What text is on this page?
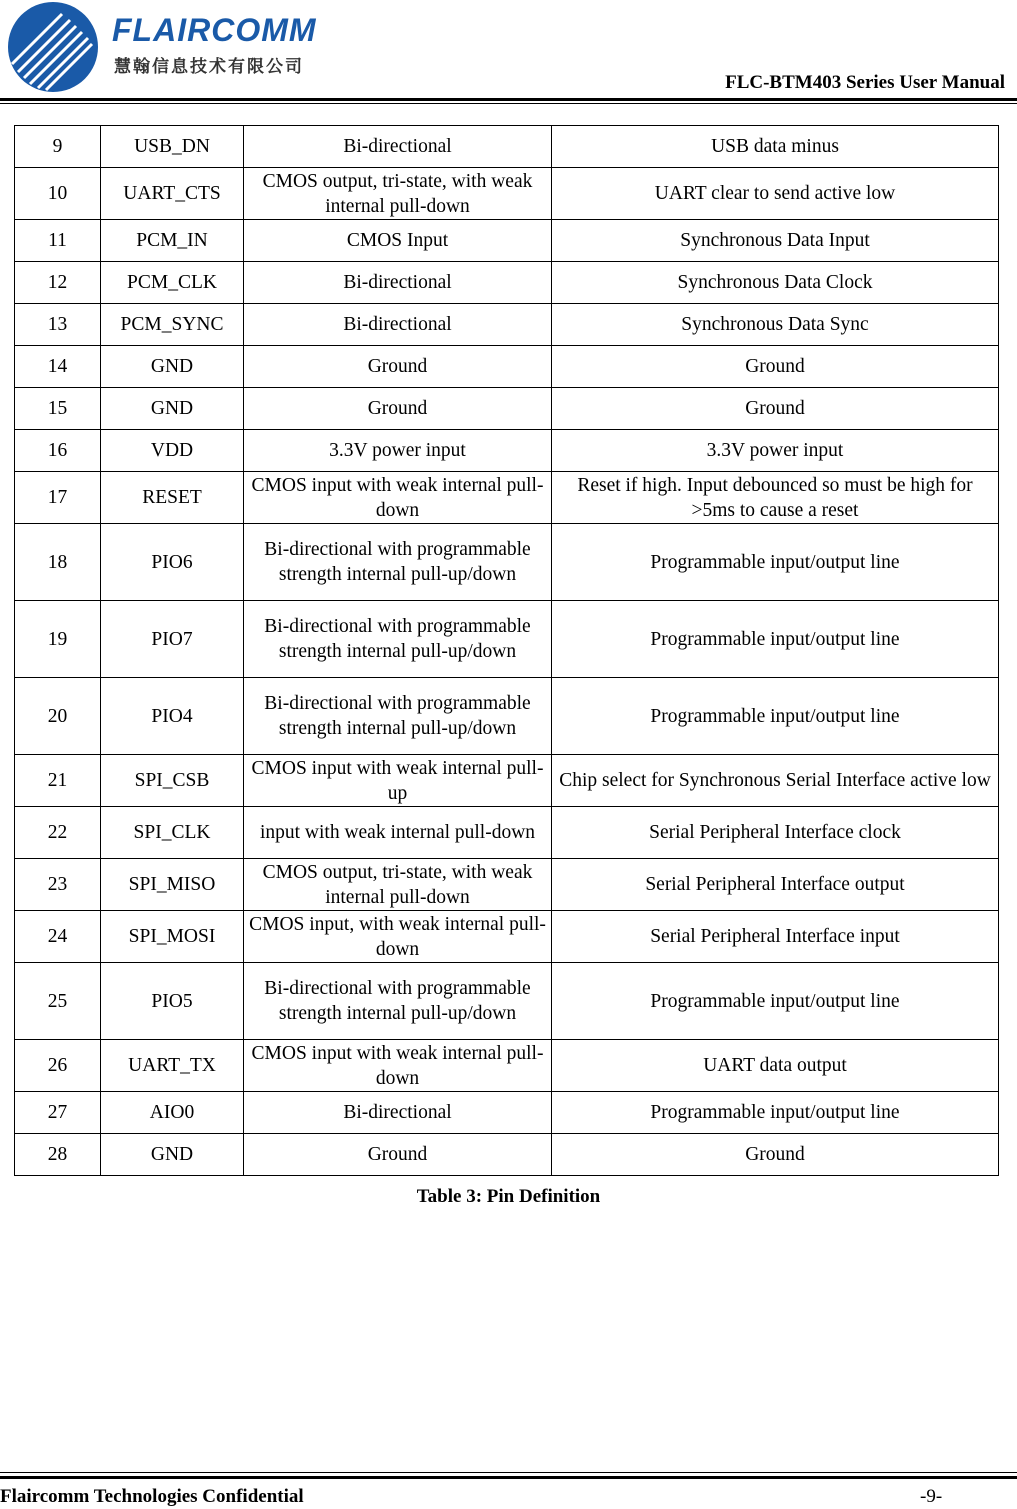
FLAIRCOMM
慧翰信息技术有限公司
FLC-BTM403 Series User Manual
9	USB_DN	Bi-directional	USB data minus
10	UART_CTS	CMOS output, tri-state, with weak internal pull-down	UART clear to send active low
11	PCM_IN	CMOS Input	Synchronous Data Input
12	PCM_CLK	Bi-directional	Synchronous Data Clock
13	PCM_SYNC	Bi-directional	Synchronous Data Sync
14	GND	Ground	Ground
15	GND	Ground	Ground
16	VDD	3.3V power input	3.3V power input
17	RESET	CMOS input with weak internal pull-down	Reset if high. Input debounced so must be high for >5ms to cause a reset
18	PIO6	Bi-directional with programmable strength internal pull-up/down	Programmable input/output line
19	PIO7	Bi-directional with programmable strength internal pull-up/down	Programmable input/output line
20	PIO4	Bi-directional with programmable strength internal pull-up/down	Programmable input/output line
21	SPI_CSB	CMOS input with weak internal pull-up	Chip select for Synchronous Serial Interface active low
22	SPI_CLK	input with weak internal pull-down	Serial Peripheral Interface clock
23	SPI_MISO	CMOS output, tri-state, with weak internal pull-down	Serial Peripheral Interface output
24	SPI_MOSI	CMOS input, with weak internal pull-down	Serial Peripheral Interface input
25	PIO5	Bi-directional with programmable strength internal pull-up/down	Programmable input/output line
26	UART_TX	CMOS input with weak internal pull-down	UART data output
27	AIO0	Bi-directional	Programmable input/output line
28	GND	Ground	Ground
Table 3: Pin Definition
Flaircomm Technologies Confidential	-9-
